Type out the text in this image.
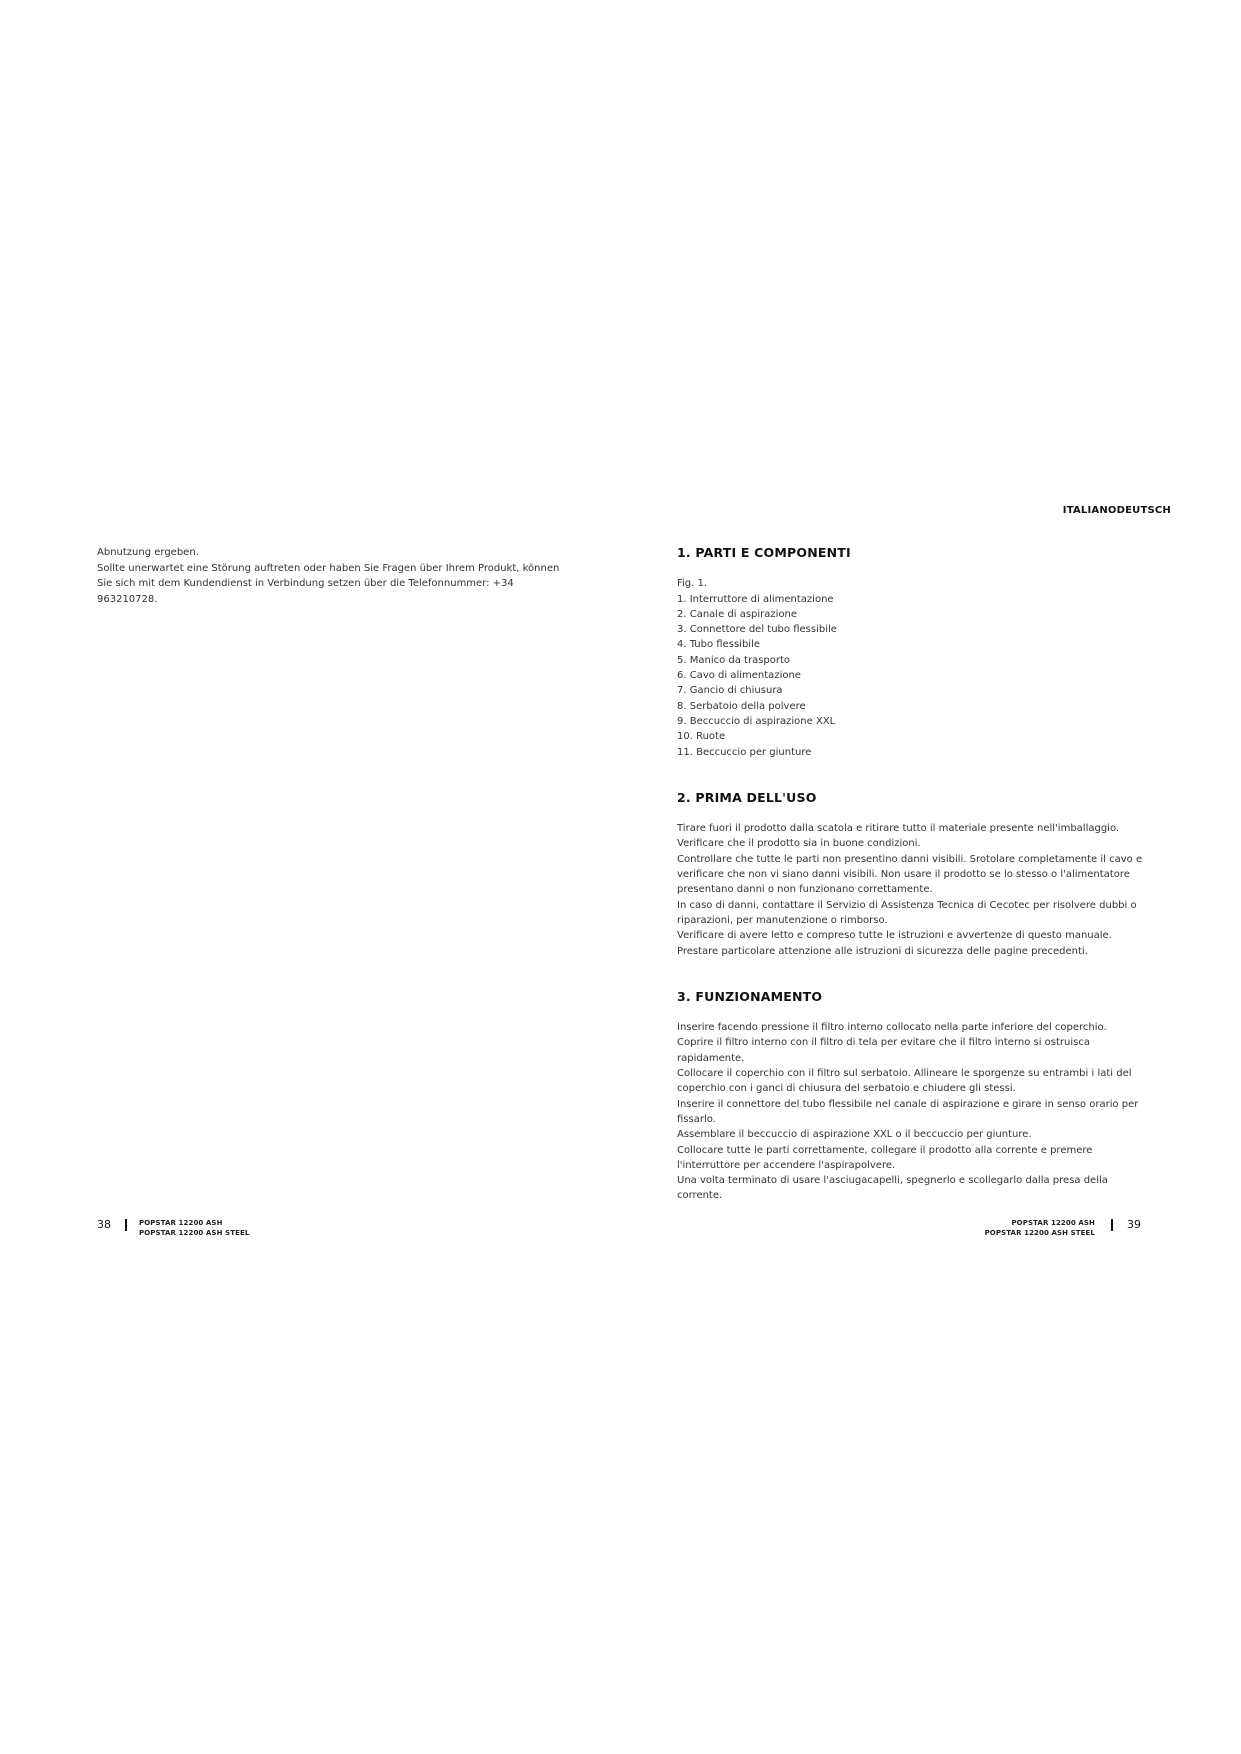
ITALIANODEUTSCH

Abnutzung ergeben.

Sollte unerwartet eine Störung auftreten oder haben Sie Fragen über Ihrem Produkt, können Sie sich mit dem Kundendienst in Verbindung setzen über die Telefonnummer: +34 963210728.

1. PARTI E COMPONENTI

Fig. 1.

1. Interruttore di alimentazione
2. Canale di aspirazione
3. Connettore del tubo flessibile
4. Tubo flessibile
5. Manico da trasporto
6. Cavo di alimentazione
7. Gancio di chiusura
8. Serbatoio della polvere
9. Beccuccio di aspirazione XXL
10. Ruote
11. Beccuccio per giunture
2. PRIMA DELL'USO

Tirare fuori il prodotto dalla scatola e ritirare tutto il materiale presente nell'imballaggio.

Verificare che il prodotto sia in buone condizioni.

Controllare che tutte le parti non presentino danni visibili. Srotolare completamente il cavo e verificare che non vi siano danni visibili. Non usare il prodotto se lo stesso o l'alimentatore presentano danni o non funzionano correttamente.

In caso di danni, contattare il Servizio di Assistenza Tecnica di Cecotec per risolvere dubbi o riparazioni, per manutenzione o rimborso.

Verificare di avere letto e compreso tutte le istruzioni e avvertenze di questo manuale.

Prestare particolare attenzione alle istruzioni di sicurezza delle pagine precedenti.

3. FUNZIONAMENTO

Inserire facendo pressione il filtro interno collocato nella parte inferiore del coperchio.

Coprire il filtro interno con il filtro di tela per evitare che il filtro interno si ostruisca rapidamente.

Collocare il coperchio con il filtro sul serbatoio. Allineare le sporgenze su entrambi i lati del coperchio con i ganci di chiusura del serbatoio e chiudere gli stessi.

Inserire il connettore del tubo flessibile nel canale di aspirazione e girare in senso orario per fissarlo.

Assemblare il beccuccio di aspirazione XXL o il beccuccio per giunture.

Collocare tutte le parti correttamente, collegare il prodotto alla corrente e premere l'interruttore per accendere l'aspirapolvere.

Una volta terminato di usare l'asciugacapelli, spegnerlo e scollegarlo dalla presa della corrente.

38	POPSTAR 12200 ASH
POPSTAR 12200 ASH STEEL
POPSTAR 12200 ASH
POPSTAR 12200 ASH STEEL
39
